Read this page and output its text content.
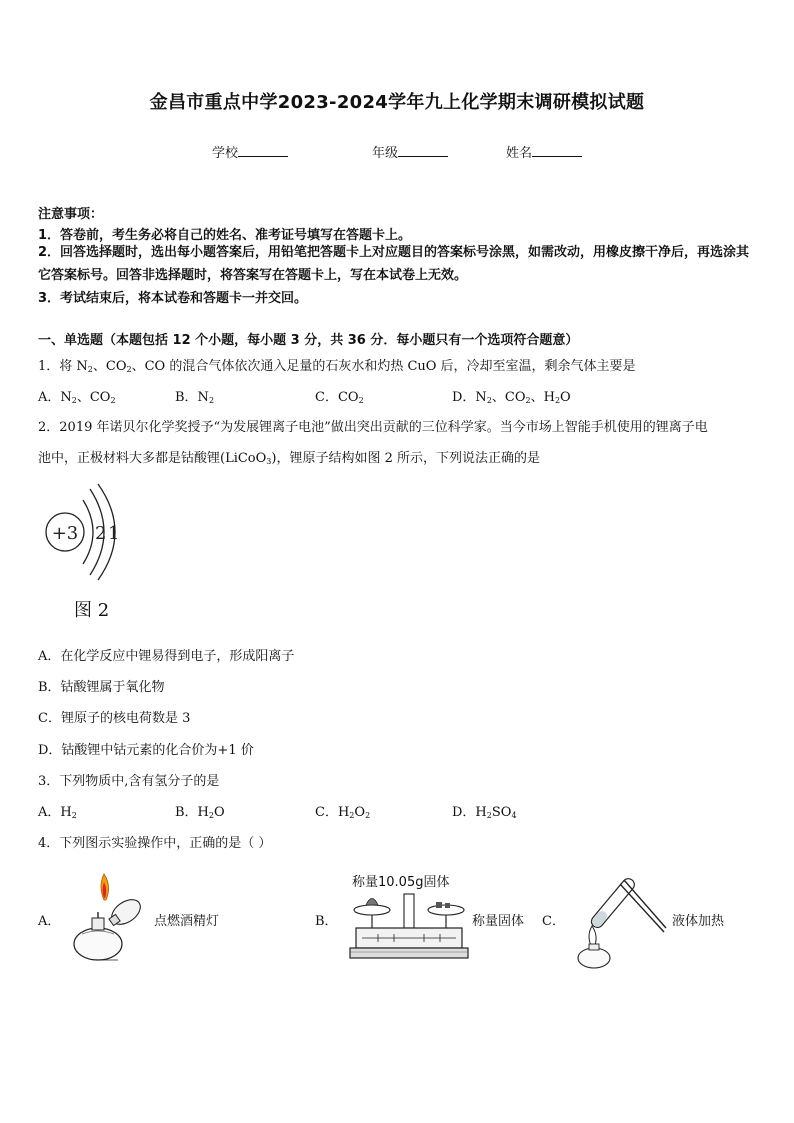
金昌市重点中学2023-2024学年九上化学期末调研模拟试题
学校	年级	姓名
注意事项：
1．答卷前，考生务必将自己的姓名、准考证号填写在答题卡上。
2．回答选择题时，选出每小题答案后，用铅笔把答题卡上对应题目的答案标号涂黑，如需改动，用橡皮擦干净后，再选涂其它答案标号。回答非选择题时，将答案写在答题卡上，写在本试卷上无效。
3．考试结束后，将本试卷和答题卡一并交回。
一、单选题（本题包括 12 个小题，每小题 3 分，共 36 分．每小题只有一个选项符合题意）
1．将 $N_2$、$CO_2$、CO 的混合气体依次通入足量的石灰水和灼热 CuO 后，冷却至室温，剩余气体主要是
A．$N_2$、$CO_2$	B．$N_2$	C．$CO_2$	D．$N_2$、$CO_2$、$H_2O$
2．2019 年诺贝尔化学奖授予“为发展锂离子电池”做出突出贡献的三位科学家。当今市场上智能手机使用的锂离子电
池中，正极材料大多都是钴酸锂(LiCoO$_3$)，锂原子结构如图 2 所示，下列说法正确的是
+3 2 1
图 2
A．在化学反应中锂易得到电子，形成阳离子
B．钴酸锂属于氧化物
C．锂原子的核电荷数是 3
D．钴酸锂中钴元素的化合价为+1 价
3．下列物质中,含有氢分子的是
A．$H_2$	B．$H_2O$	C．$H_2O_2$	D．$H_2SO_4$
4．下列图示实验操作中，正确的是（ ）
A．	点燃酒精灯	B．
称量10.05g固体
称量固体 C．	液体加热
